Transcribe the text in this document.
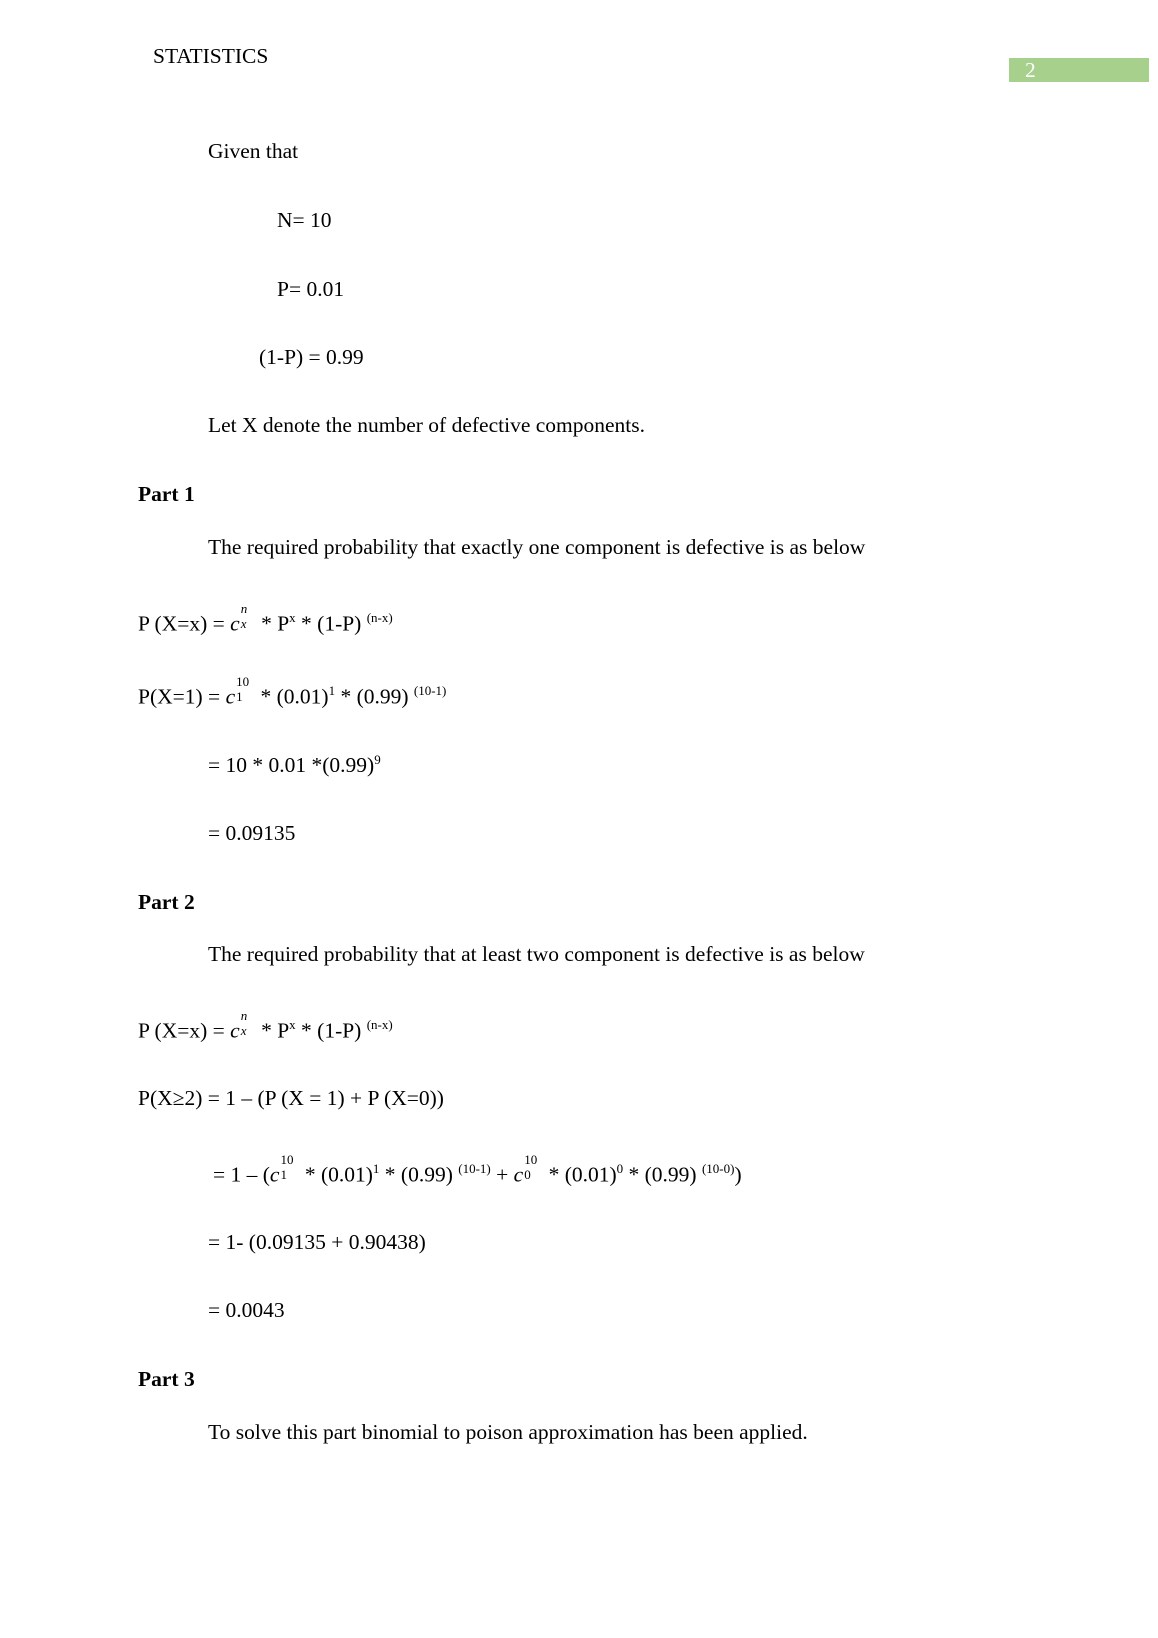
STATISTICS
2
Given that
N= 10
P= 0.01
(1-P) = 0.99
Let X denote the number of defective components.
Part 1
The required probability that exactly one component is defective is as below
P (X=x) = c
n
x * $P^x * (1-P)$ $^{(n-x)}$
P(X=1) = c
10
$1 * (0.01)^1 * (0.99)$ $^{(10-1)}$
= 10 * 0.01 $*(0.99)^9$
= 0.09135
Part 2
The required probability that at least two component is defective is as below
P (X=x) = c
n
x * $P^x * (1-P)$ $^{(n-x)}$
P(X≥2) = 1 – (P (X = 1) + P (X=0))
= 1 – (c
10
$1 * (0.01)^1 * (0.99) ^{(10-1)} + c$
10
$0 * (0.01)^0 * (0.99)$ $^{(10-0)}$)
= 1- (0.09135 + 0.90438)
= 0.0043
Part 3
To solve this part binomial to poison approximation has been applied.
